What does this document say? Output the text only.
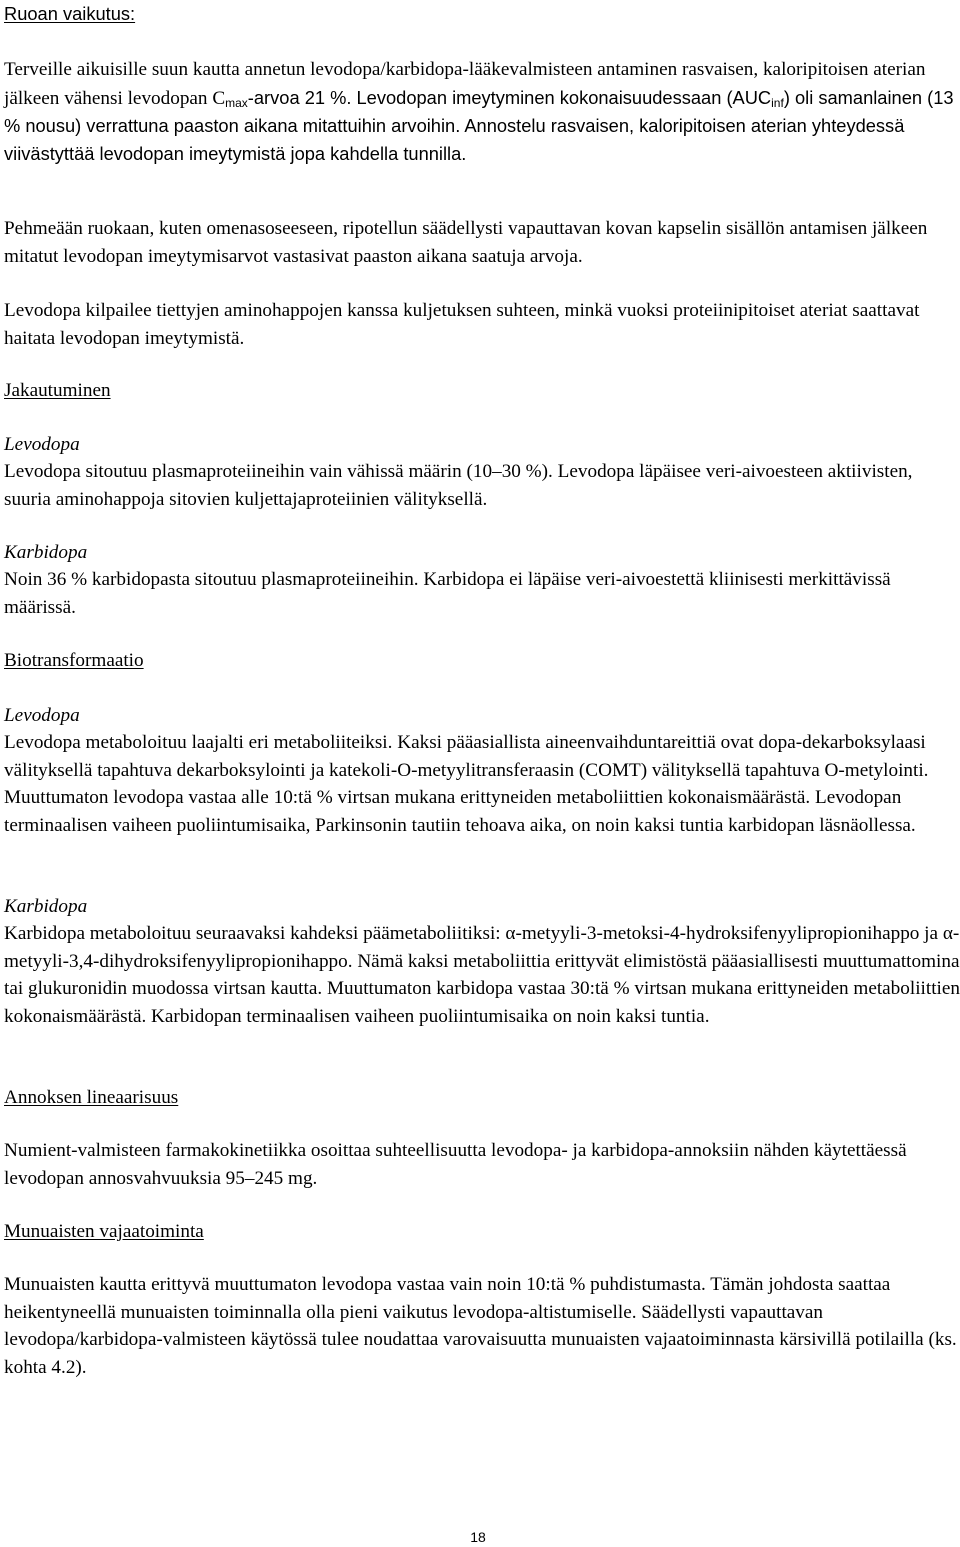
Ruoan vaikutus:

Terveille aikuisille suun kautta annetun levodopa/karbidopa-lääkevalmisteen antaminen rasvaisen, kaloripitoisen aterian jälkeen vähensi levodopan $C_{max}$-arvoa 21 %. Levodopan imeytyminen kokonaisuudessaan $(AUC_{inf})$ oli samanlainen (13 % nousu) verrattuna paaston aikana mitattuihin arvoihin. Annostelu rasvaisen, kaloripitoisen aterian yhteydessä viivästyttää levodopan imeytymistä jopa kahdella tunnilla.

Pehmeään ruokaan, kuten omenasoseeseen, ripotellun säädellysti vapauttavan kovan kapselin sisällön antamisen jälkeen mitatut levodopan imeytymisarvot vastasivat paaston aikana saatuja arvoja.

Levodopa kilpailee tiettyjen aminohappojen kanssa kuljetuksen suhteen, minkä vuoksi proteiinipitoiset ateriat saattavat haitata levodopan imeytymistä.

Jakautuminen

Levodopa

Levodopa sitoutuu plasmaproteiineihin vain vähissä määrin (10–30 %). Levodopa läpäisee veri-aivoesteen aktiivisten, suuria aminohappoja sitovien kuljettajaproteiinien välityksellä.

Karbidopa

Noin 36 % karbidopasta sitoutuu plasmaproteiineihin. Karbidopa ei läpäise veri-aivoestettä kliinisesti merkittävissä määrissä.

Biotransformaatio

Levodopa

Levodopa metaboloituu laajalti eri metaboliiteiksi. Kaksi pääasiallista aineenvaihduntareittiä ovat dopa-dekarboksylaasi välityksellä tapahtuva dekarboksylointi ja katekoli-O-metyylitransferaasin (COMT) välityksellä tapahtuva O-metylointi. Muuttumaton levodopa vastaa alle 10:tä % virtsan mukana erittyneiden metaboliittien kokonaismäärästä. Levodopan terminaalisen vaiheen puoliintumisaika, Parkinsonin tautiin tehoava aika, on noin kaksi tuntia karbidopan läsnäollessa.

Karbidopa

Karbidopa metaboloituu seuraavaksi kahdeksi päämetaboliitiksi: α-metyyli-3-metoksi-4-hydroksifenyylipropionihappo ja α-metyyli-3,4-dihydroksifenyylipropionihappo. Nämä kaksi metaboliittia erittyvät elimistöstä pääasiallisesti muuttumattomina tai glukuronidin muodossa virtsan kautta. Muuttumaton karbidopa vastaa 30:tä % virtsan mukana erittyneiden metaboliittien kokonaismäärästä. Karbidopan terminaalisen vaiheen puoliintumisaika on noin kaksi tuntia.

Annoksen lineaarisuus

Numient-valmisteen farmakokinetiikka osoittaa suhteellisuutta levodopa- ja karbidopa-annoksiin nähden käytettäessä levodopan annosvahvuuksia 95–245 mg.

Munuaisten vajaatoiminta

Munuaisten kautta erittyvä muuttumaton levodopa vastaa vain noin 10:tä % puhdistumasta. Tämän johdosta saattaa heikentyneellä munuaisten toiminnalla olla pieni vaikutus levodopa-altistumiselle. Säädellysti vapauttavan levodopa/karbidopa-valmisteen käytössä tulee noudattaa varovaisuutta munuaisten vajaatoiminnasta kärsivillä potilailla (ks. kohta 4.2).

18
